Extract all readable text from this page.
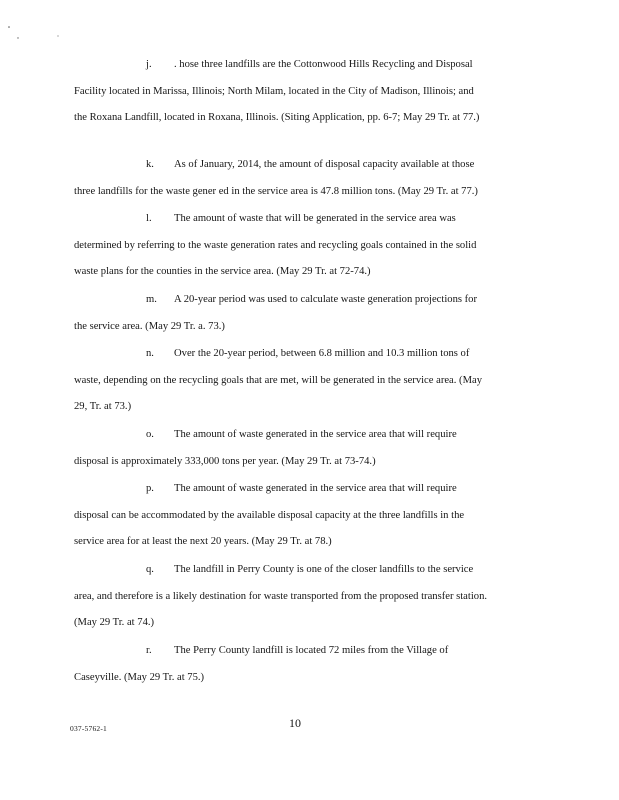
j. . hose three landfills are the Cottonwood Hills Recycling and Disposal
Facility located in Marissa, Illinois; North Milam, located in the City of Madison, Illinois; and
the Roxana Landfill, located in Roxana, Illinois. (Siting Application, pp. 6-7; May 29 Tr. at 77.)
k. As of January, 2014, the amount of disposal capacity available at those
three landfills for the waste gener ed in the service area is 47.8 million tons. (May 29 Tr. at 77.)
l. The amount of waste that will be generated in the service area was
determined by referring to the waste generation rates and recycling goals contained in the solid
waste plans for the counties in the service area. (May 29 Tr. at 72-74.)
m. A 20-year period was used to calculate waste generation projections for
the service area. (May 29 Tr. a. 73.)
n. Over the 20-year period, between 6.8 million and 10.3 million tons of
waste, depending on the recycling goals that are met, will be generated in the service area. (May
29, Tr. at 73.)
o. The amount of waste generated in the service area that will require
disposal is approximately 333,000 tons per year. (May 29 Tr. at 73-74.)
p. The amount of waste generated in the service area that will require
disposal can be accommodated by the available disposal capacity at the three landfills in the
service area for at least the next 20 years. (May 29 Tr. at 78.)
q. The landfill in Perry County is one of the closer landfills to the service
area, and therefore is a likely destination for waste transported from the proposed transfer station.
(May 29 Tr. at 74.)
r. The Perry County landfill is located 72 miles from the Village of
Caseyville. (May 29 Tr. at 75.)
037-5762-1	10
